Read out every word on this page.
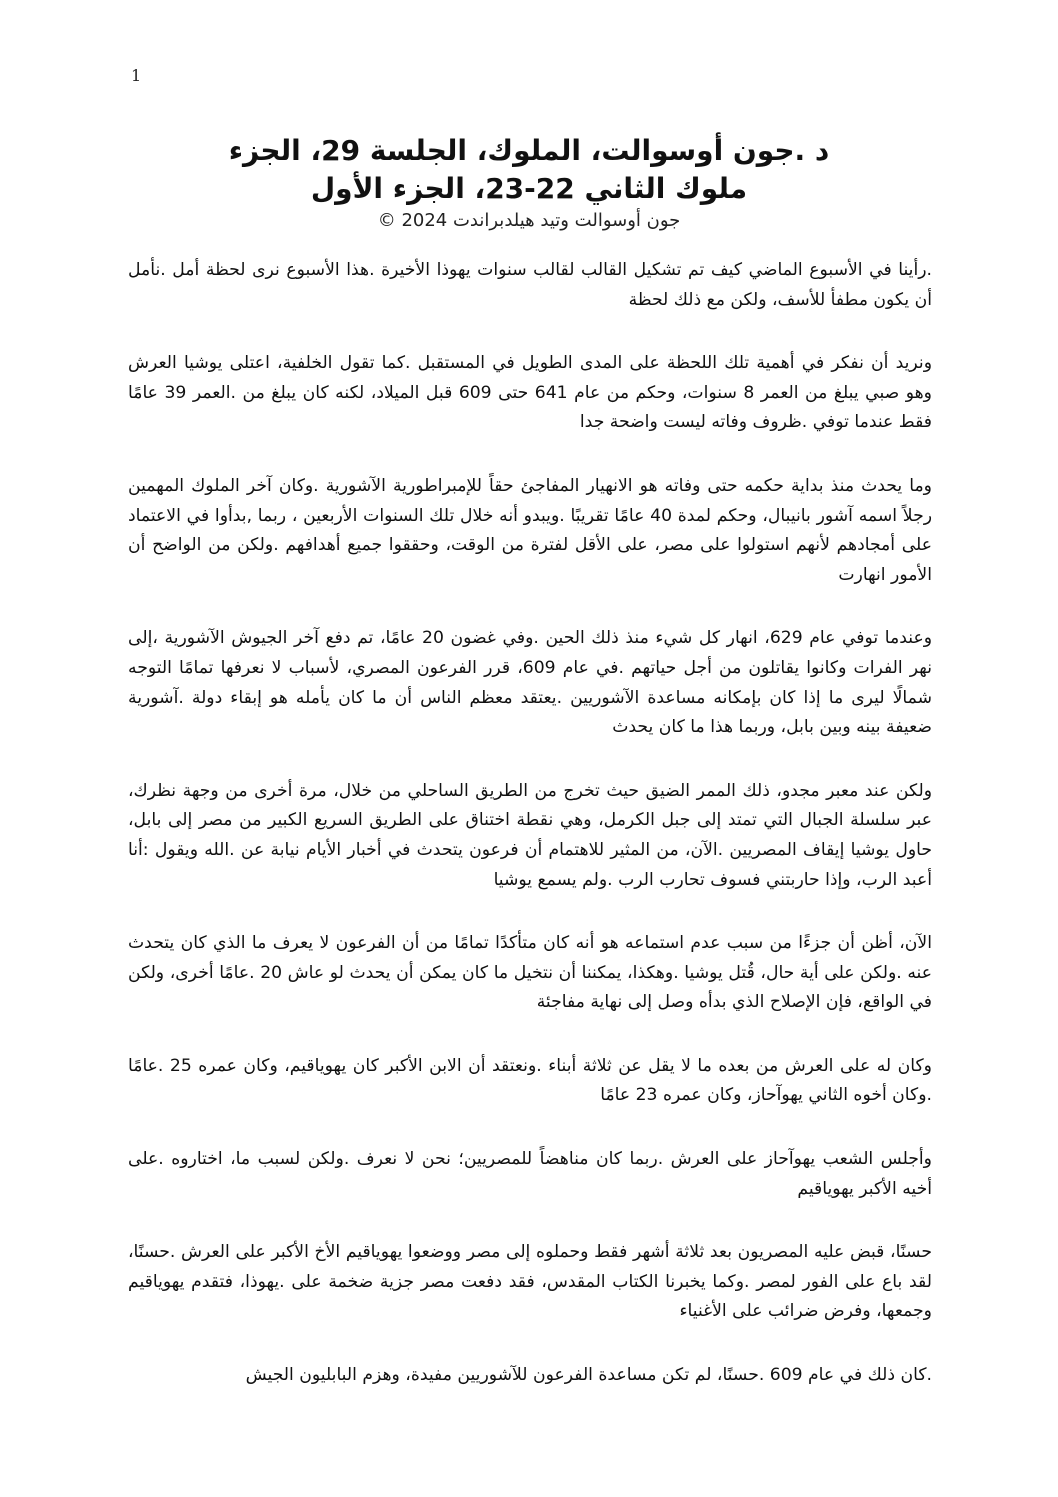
1
د .جون أوسوالت، الملوك، الجلسة 29، الجزء
ملوك الثاني 22-23، الجزء الأول
جون أوسوالت وتيد هيلدبراندت 2024 ©

.رأينا في الأسبوع الماضي كيف تم تشكيل القالب لقالب سنوات يهوذا الأخيرة .هذا الأسبوع نرى لحظة أمل .نأمل أن يكون مطفأ للأسف، ولكن مع ذلك لحظة

ونريد أن نفكر في أهمية تلك اللحظة على المدى الطويل في المستقبل .كما تقول الخلفية، اعتلى يوشيا العرش وهو صبي يبلغ من العمر 8 سنوات، وحكم من عام 641 حتى 609 قبل الميلاد، لكنه كان يبلغ من .العمر 39 عامًا فقط عندما توفي .ظروف وفاته ليست واضحة جدا

وما يحدث منذ بداية حكمه حتى وفاته هو الانهيار المفاجئ حقاً للإمبراطورية الآشورية .وكان آخر الملوك المهمين رجلاً اسمه آشور بانيبال، وحكم لمدة 40 عامًا تقريبًا .ويبدو أنه خلال تلك السنوات الأربعين ، ربما ,بدأوا في الاعتماد على أمجادهم لأنهم استولوا على مصر، على الأقل لفترة من الوقت، وحققوا جميع أهدافهم .ولكن من الواضح أن الأمور انهارت

وعندما توفي عام 629، انهار كل شيء منذ ذلك الحين .وفي غضون 20 عامًا، تم دفع آخر الجيوش الآشورية ،إلى نهر الفرات وكانوا يقاتلون من أجل حياتهم .في عام 609، قرر الفرعون المصري، لأسباب لا نعرفها تمامًا التوجه شمالًا ليرى ما إذا كان بإمكانه مساعدة الآشوريين .يعتقد معظم الناس أن ما كان يأمله هو إبقاء دولة .آشورية ضعيفة بينه وبين بابل، وربما هذا ما كان يحدث

ولكن عند معبر مجدو، ذلك الممر الضيق حيث تخرج من الطريق الساحلي من خلال، مرة أخرى من وجهة نظرك، عبر سلسلة الجبال التي تمتد إلى جبل الكرمل، وهي نقطة اختناق على الطريق السريع الكبير من مصر إلى بابل، حاول يوشيا إيقاف المصريين .الآن، من المثير للاهتمام أن فرعون يتحدث في أخبار الأيام نيابة عن .الله ويقول :أنا أعبد الرب، وإذا حاربتني فسوف تحارب الرب .ولم يسمع يوشيا

الآن، أظن أن جزءًا من سبب عدم استماعه هو أنه كان متأكدًا تمامًا من أن الفرعون لا يعرف ما الذي كان يتحدث عنه .ولكن على أية حال، قُتل يوشيا .وهكذا، يمكننا أن نتخيل ما كان يمكن أن يحدث لو عاش 20 .عامًا أخرى، ولكن في الواقع، فإن الإصلاح الذي بدأه وصل إلى نهاية مفاجئة

وكان له على العرش من بعده ما لا يقل عن ثلاثة أبناء .ونعتقد أن الابن الأكبر كان يهوياقيم، وكان عمره 25 .عامًا .وكان أخوه الثاني يهوآحاز، وكان عمره 23 عامًا

وأجلس الشعب يهوآحاز على العرش .ربما كان مناهضاً للمصريين؛ نحن لا نعرف .ولكن لسبب ما، اختاروه .على أخيه الأكبر يهوياقيم

حسنًا، قبض عليه المصريون بعد ثلاثة أشهر فقط وحملوه إلى مصر ووضعوا يهوياقيم الأخ الأكبر على العرش .حسنًا، لقد باع على الفور لمصر .وكما يخبرنا الكتاب المقدس، فقد دفعت مصر جزية ضخمة على .يهوذا، فتقدم يهوياقيم وجمعها، وفرض ضرائب على الأغنياء

.كان ذلك في عام 609 .حسنًا، لم تكن مساعدة الفرعون للآشوريين مفيدة، وهزم البابليون الجيش
